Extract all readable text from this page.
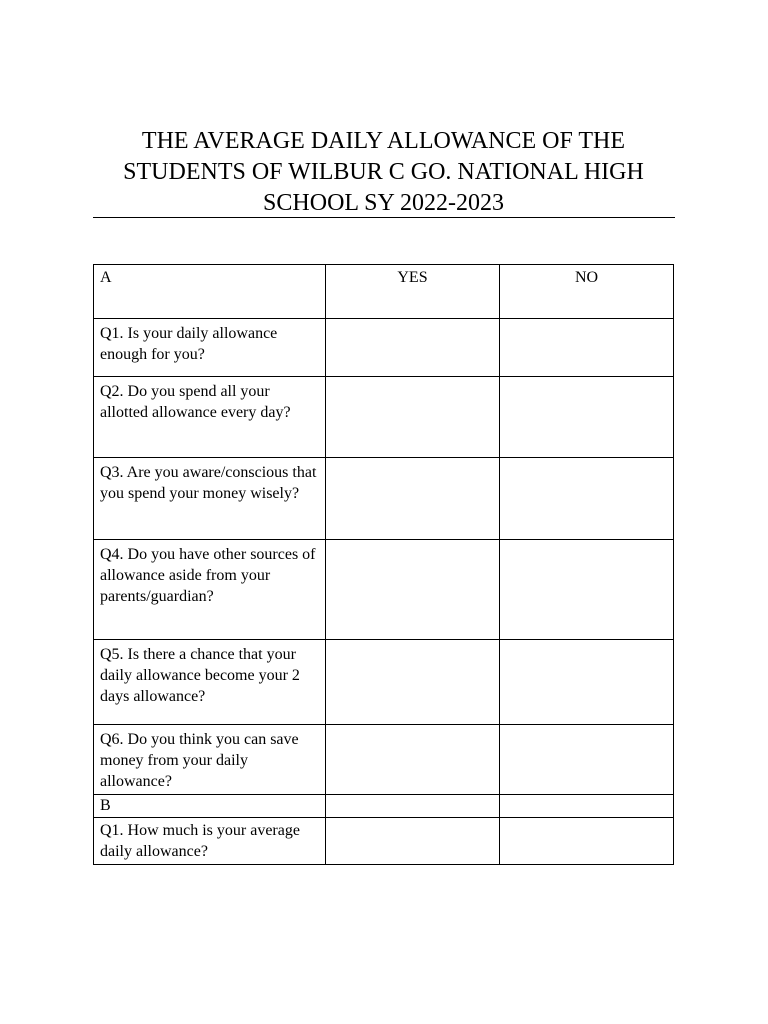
THE AVERAGE DAILY ALLOWANCE OF THE
STUDENTS OF WILBUR C GO. NATIONAL HIGH
SCHOOL SY 2022-2023
A	YES	NO

Q1. Is your daily allowance enough for you?		

Q2. Do you spend all your allotted allowance every day?		

Q3. Are you aware/conscious that you spend your money wisely?		

Q4. Do you have other sources of allowance aside from your parents/guardian?		

Q5. Is there a chance that your daily allowance become your 2 days allowance?		

Q6. Do you think you can save money from your daily allowance?		

B		

Q1. How much is your average daily allowance?		
